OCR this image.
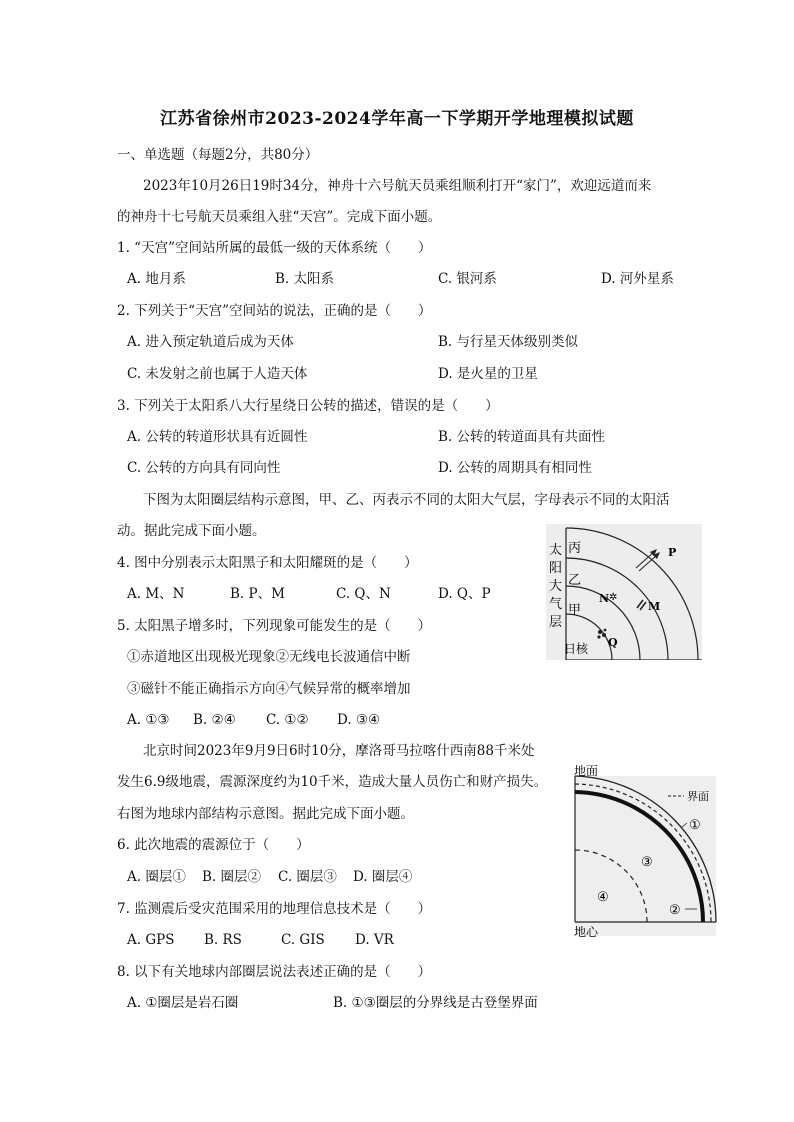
江苏省徐州市2023-2024学年高一下学期开学地理模拟试题
一、单选题（每题2分，共80分）
2023年10月26日19时34分，神舟十六号航天员乘组顺利打开“家门”，欢迎远道而来
的神舟十七号航天员乘组入驻“天宫”。完成下面小题。
1. “天宫”空间站所属的最低一级的天体系统（　　）
A. 地月系	B. 太阳系	C. 银河系	D. 河外星系
2. 下列关于“天宫”空间站的说法，正确的是（　　）
A. 进入预定轨道后成为天体	B. 与行星天体级别类似
C. 未发射之前也属于人造天体	D. 是火星的卫星
3. 下列关于太阳系八大行星绕日公转的描述，错误的是（　　）
A. 公转的转道形状具有近圆性	B. 公转的转道面具有共面性
C. 公转的方向具有同向性	D. 公转的周期具有相同性
下图为太阳圈层结构示意图，甲、乙、丙表示不同的太阳大气层，字母表示不同的太阳活
动。据此完成下面小题。
4. 图中分别表示太阳黑子和太阳耀斑的是（　　）
A. M、N	B. P、M	C. Q、N	D. Q、P
5. 太阳黑子增多时，下列现象可能发生的是（　　）
①赤道地区出现极光现象②无线电长波通信中断
③磁针不能正确指示方向④气候异常的概率增加
A. ①③ B. ②④ C. ①② D. ③④
北京时间2023年9月9日6时10分，摩洛哥马拉喀什西南88千米处
发生6.9级地震，震源深度约为10千米，造成大量人员伤亡和财产损失。
右图为地球内部结构示意图。据此完成下面小题。
6. 此次地震的震源位于（　　）
A. 圈层① B. 圈层② C. 圈层③ D. 圈层④
7. 监测震后受灾范围采用的地理信息技术是（　　）
A. GPS B. RS	C. GIS D. VR
8. 以下有关地球内部圈层说法表述正确的是（　　）
A. ①圈层是岩石圈	B. ①③圈层的分界线是古登堡界面
太
阳
大
气
层
丙
乙
甲
日核
P
N ✲
M
Q
地面
地心
界面
①
③
④
②
